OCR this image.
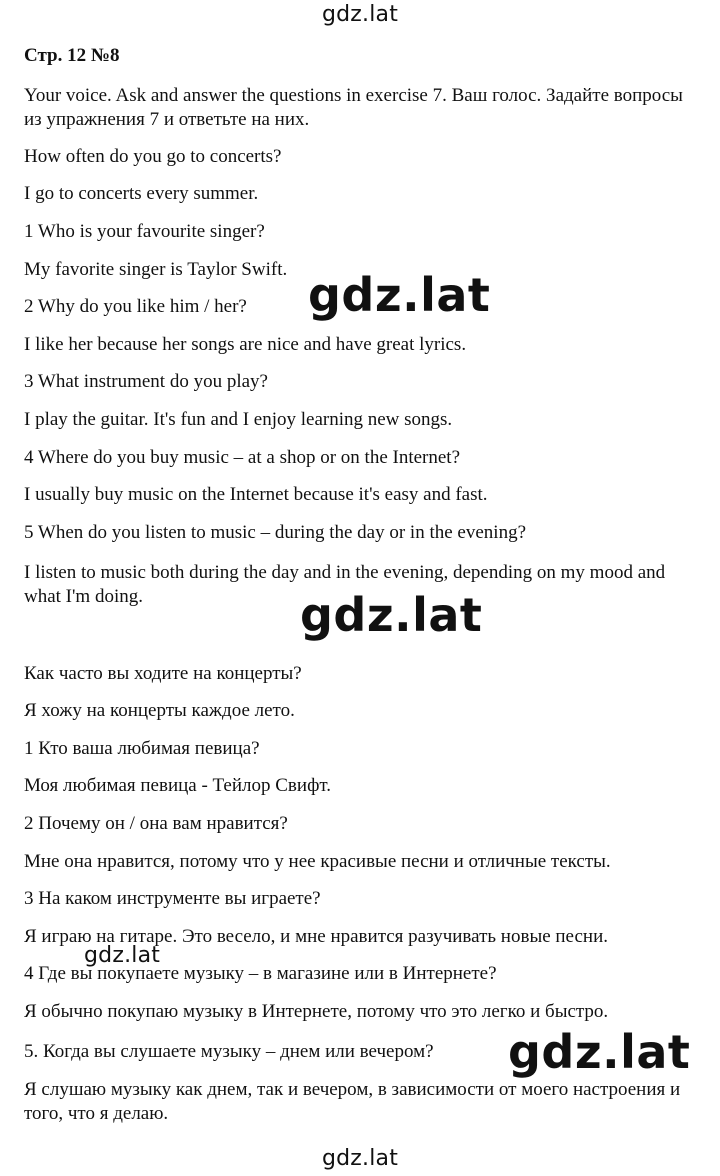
gdz.lat
Стр. 12 №8
Your voice. Ask and answer the questions in exercise 7. Ваш голос. Задайте вопросы из упражнения 7 и ответьте на них.
How often do you go to concerts?
I go to concerts every summer.
1 Who is your favourite singer?
My favorite singer is Taylor Swift.
2 Why do you like him / her?
I like her because her songs are nice and have great lyrics.
3 What instrument do you play?
I play the guitar. It's fun and I enjoy learning new songs.
4 Where do you buy music – at a shop or on the Internet?
I usually buy music on the Internet because it's easy and fast.
5 When do you listen to music – during the day or in the evening?
I listen to music both during the day and in the evening, depending on my mood and what I'm doing.
Как часто вы ходите на концерты?
Я хожу на концерты каждое лето.
1 Кто ваша любимая певица?
Моя любимая певица - Тейлор Свифт.
2 Почему он / она вам нравится?
Мне она нравится, потому что у нее красивые песни и отличные тексты.
3 На каком инструменте вы играете?
Я играю на гитаре. Это весело, и мне нравится разучивать новые песни.
4 Где вы покупаете музыку – в магазине или в Интернете?
Я обычно покупаю музыку в Интернете, потому что это легко и быстро.
5. Когда вы слушаете музыку – днем или вечером?
Я слушаю музыку как днем, так и вечером, в зависимости от моего настроения и того, что я делаю.
gdz.lat
gdz.lat
gdz.lat
gdz.lat
gdz.lat
